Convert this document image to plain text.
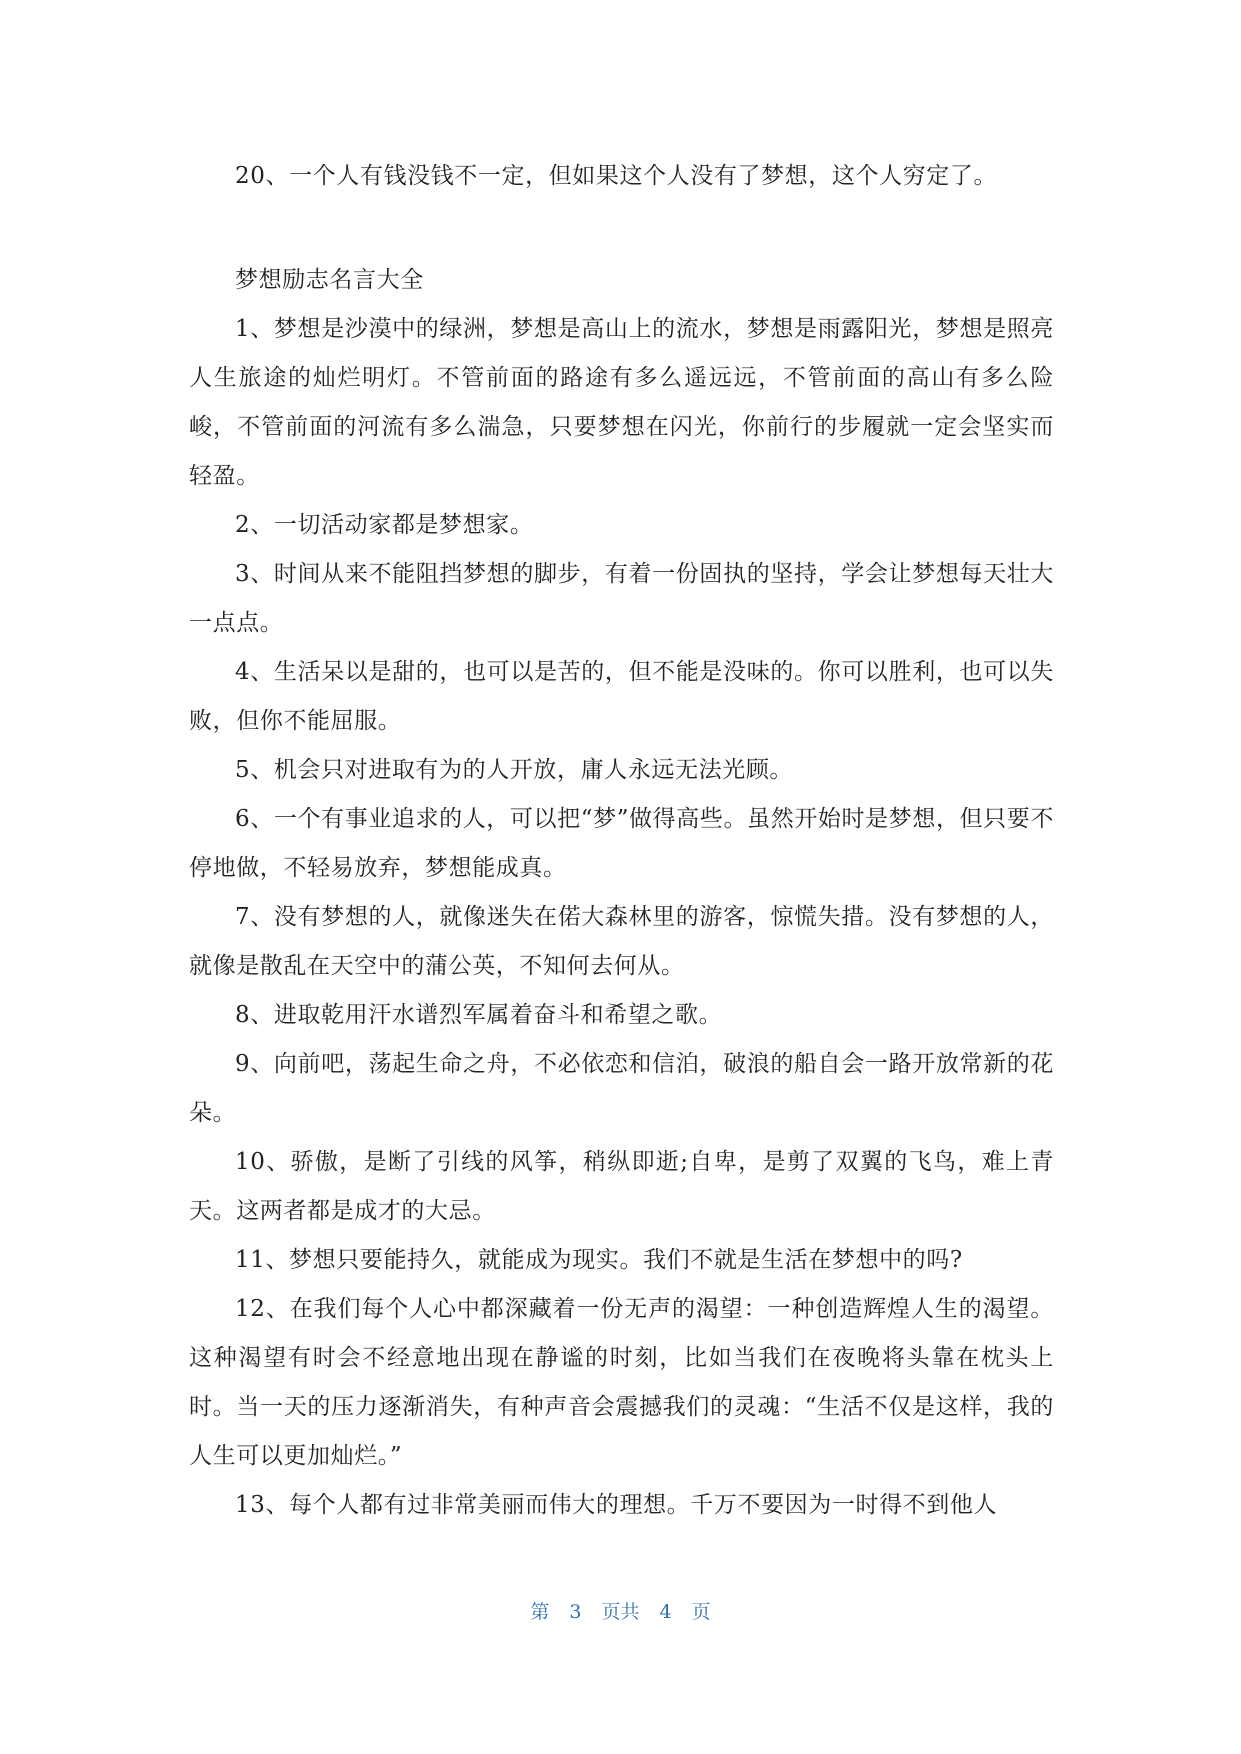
20、一个人有钱没钱不一定，但如果这个人没有了梦想，这个人穷定了。

梦想励志名言大全

1、梦想是沙漠中的绿洲，梦想是高山上的流水，梦想是雨露阳光，梦想是照亮人生旅途的灿烂明灯。不管前面的路途有多么遥远远，不管前面的高山有多么险峻，不管前面的河流有多么湍急，只要梦想在闪光，你前行的步履就一定会坚实而轻盈。

2、一切活动家都是梦想家。

3、时间从来不能阻挡梦想的脚步，有着一份固执的坚持，学会让梦想每天壮大一点点。

4、生活呆以是甜的，也可以是苦的，但不能是没味的。你可以胜利，也可以失败，但你不能屈服。

5、机会只对进取有为的人开放，庸人永远无法光顾。

6、一个有事业追求的人，可以把“梦”做得高些。虽然开始时是梦想，但只要不停地做，不轻易放弃，梦想能成真。

7、没有梦想的人，就像迷失在偌大森林里的游客，惊慌失措。没有梦想的人，就像是散乱在天空中的蒲公英，不知何去何从。

8、进取乾用汗水谱烈军属着奋斗和希望之歌。

9、向前吧，荡起生命之舟，不必依恋和信泊，破浪的船自会一路开放常新的花朵。

10、骄傲，是断了引线的风筝，稍纵即逝;自卑，是剪了双翼的飞鸟，难上青天。这两者都是成才的大忌。

11、梦想只要能持久，就能成为现实。我们不就是生活在梦想中的吗?

12、在我们每个人心中都深藏着一份无声的渴望：一种创造辉煌人生的渴望。这种渴望有时会不经意地出现在静谧的时刻，比如当我们在夜晚将头靠在枕头上时。当一天的压力逐渐消失，有种声音会震撼我们的灵魂：“生活不仅是这样，我的人生可以更加灿烂。”

13、每个人都有过非常美丽而伟大的理想。千万不要因为一时得不到他人

第 3 页共 4 页
